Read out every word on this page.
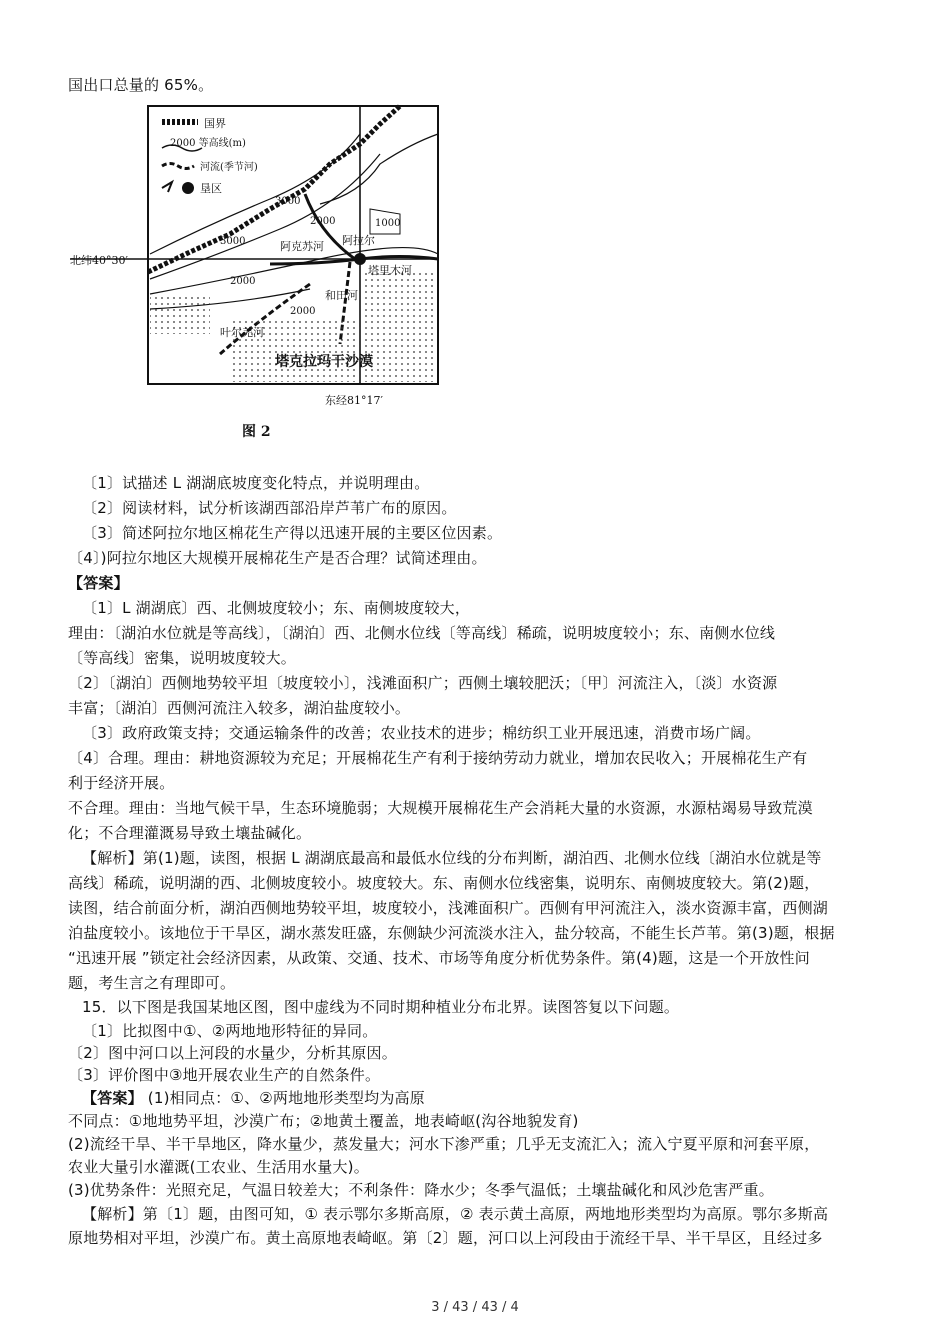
国出口总量的 65%。
国界
2000 等高线(m)
河流(季节河)
垦区
2000
3000
3000
2000
1000
2000
阿克苏河 阿拉尔
塔里木河
和田河
叶尔羌河
塔克拉玛干沙漠
北纬40°30′
东经81°17′
图 2
〔1〕试描述 L 湖湖底坡度变化特点，并说明理由。
〔2〕阅读材料，试分析该湖西部沿岸芦苇广布的原因。
〔3〕简述阿拉尔地区棉花生产得以迅速开展的主要区位因素。
〔4〕)阿拉尔地区大规模开展棉花生产是否合理？试简述理由。
【答案】
〔1〕L 湖湖底〕西、北侧坡度较小；东、南侧坡度较大，
理由：〔湖泊水位就是等高线〕，〔湖泊〕西、北侧水位线〔等高线〕稀疏，说明坡度较小；东、南侧水位线
〔等高线〕密集，说明坡度较大。
〔2〕〔湖泊〕西侧地势较平坦〔坡度较小〕，浅滩面积广；西侧土壤较肥沃；〔甲〕河流注入，〔淡〕水资源
丰富；〔湖泊〕西侧河流注入较多，湖泊盐度较小。
〔3〕政府政策支持；交通运输条件的改善；农业技术的进步；棉纺织工业开展迅速，消费市场广阔。
〔4〕合理。理由：耕地资源较为充足；开展棉花生产有利于接纳劳动力就业，增加农民收入；开展棉花生产有
利于经济开展。
不合理。理由：当地气候干旱，生态环境脆弱；大规模开展棉花生产会消耗大量的水资源，水源枯竭易导致荒漠
化；不合理灌溉易导致土壤盐碱化。
【解析】第(1)题，读图，根据 L 湖湖底最高和最低水位线的分布判断，湖泊西、北侧水位线〔湖泊水位就是等
高线〕稀疏，说明湖的西、北侧坡度较小。坡度较大。东、南侧水位线密集，说明东、南侧坡度较大。第(2)题，
读图，结合前面分析，湖泊西侧地势较平坦，坡度较小，浅滩面积广。西侧有甲河流注入，淡水资源丰富，西侧湖
泊盐度较小。该地位于干旱区，湖水蒸发旺盛，东侧缺少河流淡水注入，盐分较高，不能生长芦苇。第(3)题，根据
“迅速开展 ”锁定社会经济因素，从政策、交通、技术、市场等角度分析优势条件。第(4)题，这是一个开放性问
题，考生言之有理即可。
15．以下图是我国某地区图，图中虚线为不同时期种植业分布北界。读图答复以下问题。
〔1〕比拟图中①、②两地地形特征的异同。
〔2〕图中河口以上河段的水量少，分析其原因。
〔3〕评价图中③地开展农业生产的自然条件。
【答案】 (1)相同点：①、②两地地形类型均为高原
不同点：①地地势平坦，沙漠广布；②地黄土覆盖，地表崎岖(沟谷地貌发育)
(2)流经干旱、半干旱地区，降水量少，蒸发量大；河水下渗严重；几乎无支流汇入；流入宁夏平原和河套平原，
农业大量引水灌溉(工农业、生活用水量大)。
(3)优势条件：光照充足，气温日较差大；不利条件：降水少；冬季气温低；土壤盐碱化和风沙危害严重。
【解析】第〔1〕题，由图可知，① 表示鄂尔多斯高原，② 表示黄土高原，两地地形类型均为高原。鄂尔多斯高
原地势相对平坦，沙漠广布。黄土高原地表崎岖。第〔2〕题，河口以上河段由于流经干旱、半干旱区，且经过多
3 / 43 / 43 / 4
